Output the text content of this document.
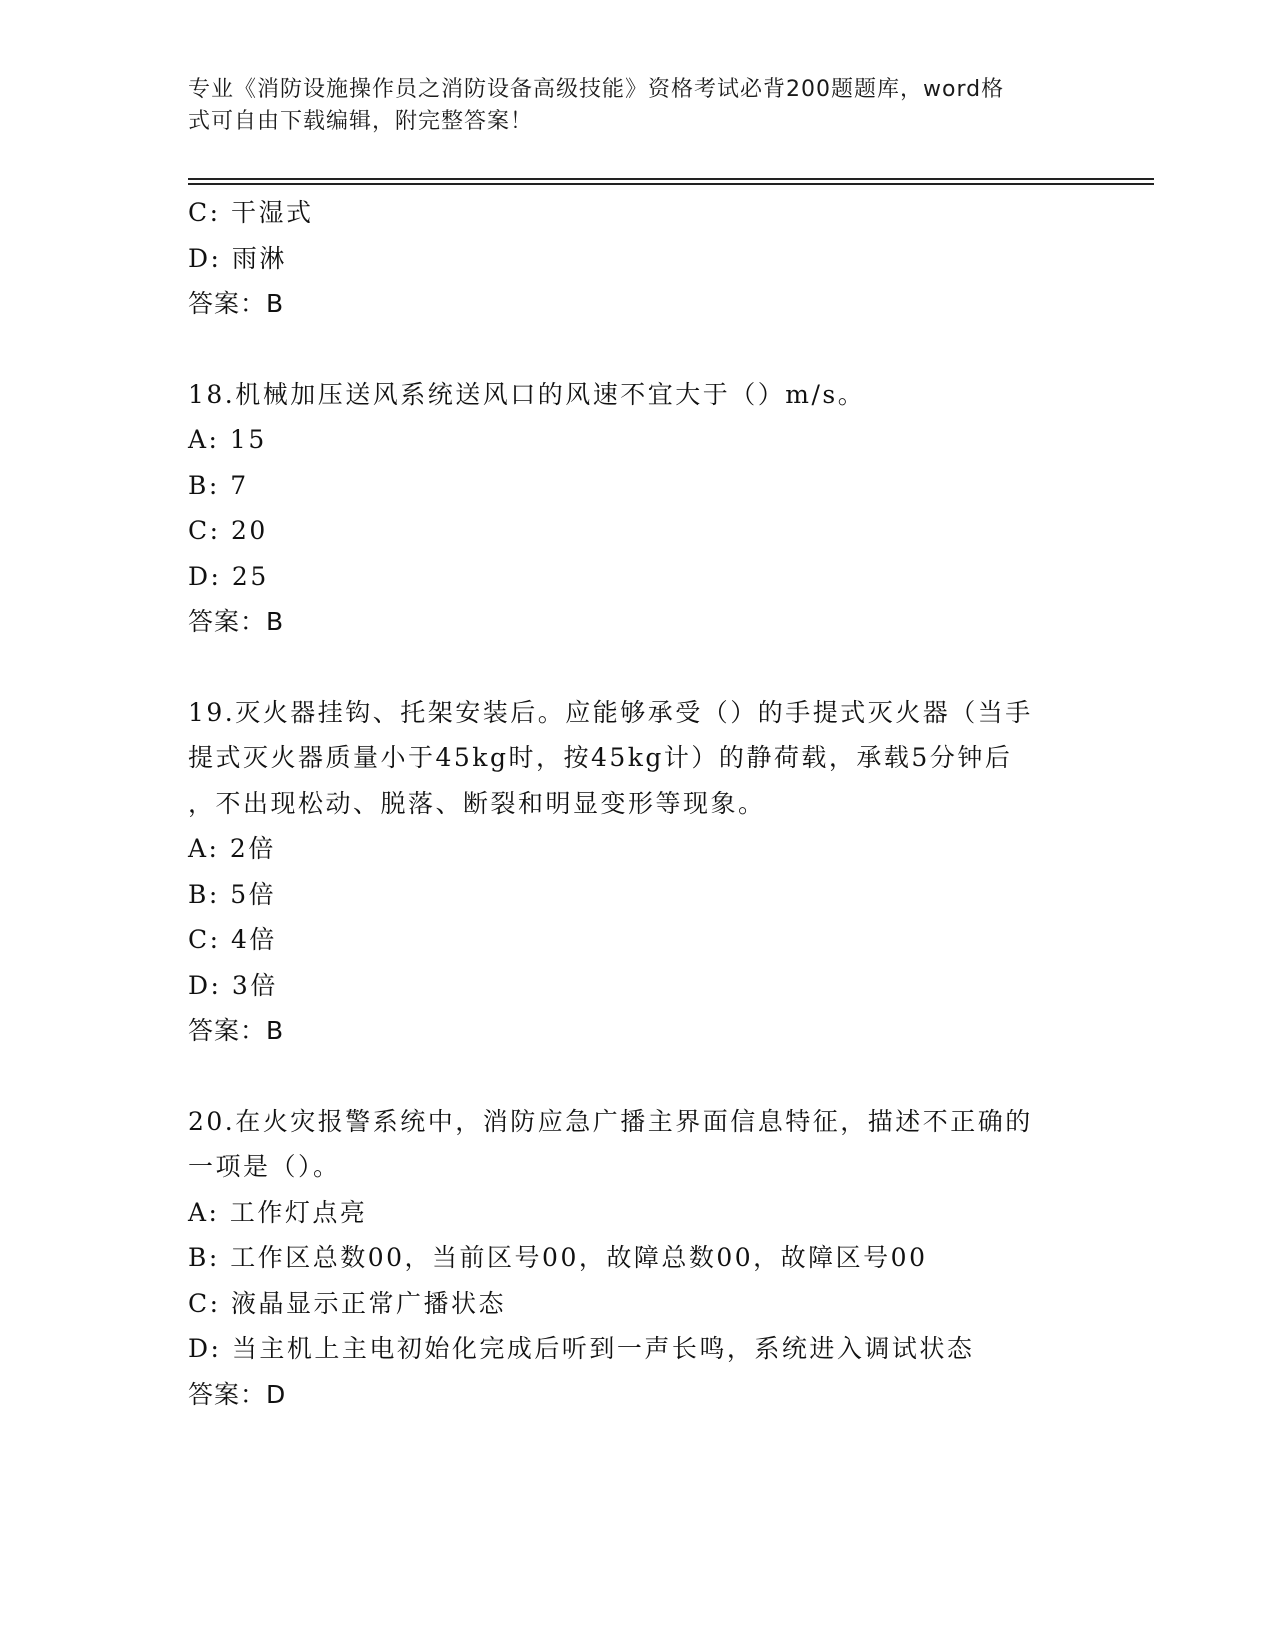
专业《消防设施操作员之消防设备高级技能》资格考试必背200题题库，word格
式可自由下载编辑，附完整答案！
C: 干湿式
D: 雨淋
答案：B
18.机械加压送风系统送风口的风速不宜大于（）m/s。
A: 15
B: 7
C: 20
D: 25
答案：B
19.灭火器挂钩、托架安装后。应能够承受（）的手提式灭火器（当手
提式灭火器质量小于45kg时，按45kg计）的静荷载，承载5分钟后
，不出现松动、脱落、断裂和明显变形等现象。
A: 2倍
B: 5倍
C: 4倍
D: 3倍
答案：B
20.在火灾报警系统中，消防应急广播主界面信息特征，描述不正确的
一项是（）。
A: 工作灯点亮
B: 工作区总数00，当前区号00，故障总数00，故障区号00
C: 液晶显示正常广播状态
D: 当主机上主电初始化完成后听到一声长鸣，系统进入调试状态
答案：D
